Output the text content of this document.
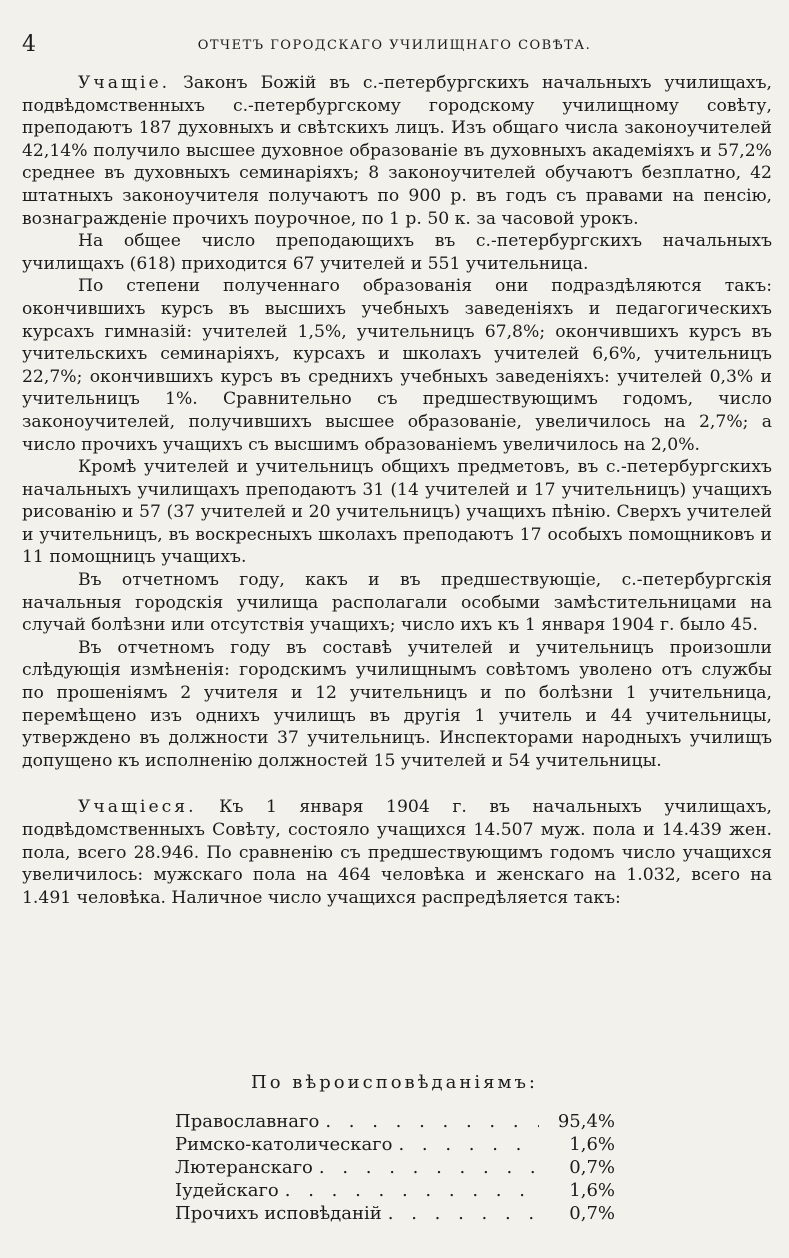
4	ОТЧЕТЪ ГОРОДСКАГО УЧИЛИЩНАГО СОВѢТА.

Учащіе. Законъ Божій въ с.-петербургскихъ начальныхъ училищахъ, подвѣдомственныхъ с.-петербургскому городскому училищному совѣту, преподаютъ 187 духовныхъ и свѣтскихъ лицъ. Изъ общаго числа законоучителей 42,14% получило высшее духовное образованіе въ духовныхъ академіяхъ и 57,2% среднее въ духовныхъ семинаріяхъ; 8 законоучителей обучаютъ безплатно, 42 штатныхъ законоучителя получаютъ по 900 р. въ годъ съ правами на пенсію, вознагражденіе прочихъ поурочное, по 1 р. 50 к. за часовой урокъ.

На общее число преподающихъ въ с.-петербургскихъ начальныхъ училищахъ (618) приходится 67 учителей и 551 учительница.

По степени полученнаго образованія они подраздѣляются такъ: окончившихъ курсъ въ высшихъ учебныхъ заведеніяхъ и педагогическихъ курсахъ гимназій: учителей 1,5%, учительницъ 67,8%; окончившихъ курсъ въ учительскихъ семинаріяхъ, курсахъ и школахъ учителей 6,6%, учительницъ 22,7%; окончившихъ курсъ въ среднихъ учебныхъ заведеніяхъ: учителей 0,3% и учительницъ 1%. Сравнительно съ предшествующимъ годомъ, число законоучителей, получившихъ высшее образованіе, увеличилось на 2,7%; а число прочихъ учащихъ съ высшимъ образованіемъ увеличилось на 2,0%.

Кромѣ учителей и учительницъ общихъ предметовъ, въ с.-петербургскихъ начальныхъ училищахъ преподаютъ 31 (14 учителей и 17 учительницъ) учащихъ рисованію и 57 (37 учителей и 20 учительницъ) учащихъ пѣнію. Сверхъ учителей и учительницъ, въ воскресныхъ школахъ преподаютъ 17 особыхъ помощниковъ и 11 помощницъ учащихъ.

Въ отчетномъ году, какъ и въ предшествующіе, с.-петербургскія начальныя городскія училища располагали особыми замѣстительницами на случай болѣзни или отсутствія учащихъ; число ихъ къ 1 января 1904 г. было 45.

Въ отчетномъ году въ составѣ учителей и учительницъ произошли слѣдующія измѣненія: городскимъ училищнымъ совѣтомъ уволено отъ службы по прошеніямъ 2 учителя и 12 учительницъ и по болѣзни 1 учительница, перемѣщено изъ однихъ училищъ въ другія 1 учитель и 44 учительницы, утверждено въ должности 37 учительницъ. Инспекторами народныхъ училищъ допущено къ исполненію должностей 15 учителей и 54 учительницы.

Учащіеся. Къ 1 января 1904 г. въ начальныхъ училищахъ, подвѣдомственныхъ Совѣту, состояло учащихся 14.507 муж. пола и 14.439 жен. пола, всего 28.946. По сравненію съ предшествующимъ годомъ число учащихся увеличилось: мужскаго пола на 464 человѣка и женскаго на 1.032, всего на 1.491 человѣка. Наличное число учащихся распредѣляется такъ:

По вѣроисповѣданіямъ:
Православнаго . . .	95,4%
Римско-католическаго . . .	1,6%
Лютеранскаго . . .	0,7%
Іудейскаго . . .	1,6%
Прочихъ исповѣданій . . .	0,7%
